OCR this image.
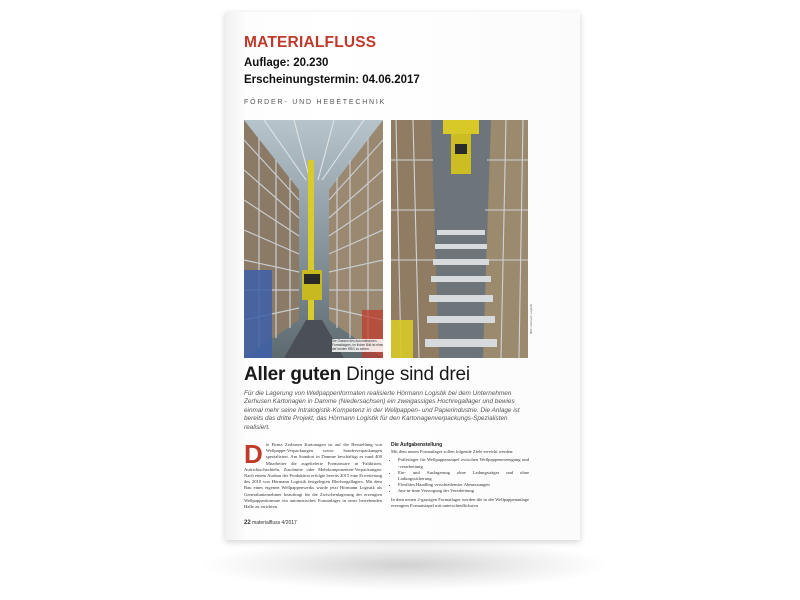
MATERIALFLUSS
Auflage: 20.230
Erscheinungstermin: 04.06.2017
FÖRDER- UND HEBETECHNIK
Die Gassen des Automatischen Formatlagers, im linken Bild ist einer der beiden RBG zu sehen.
Bild: Hörmann Logistik
Aller guten Dinge sind drei
Für die Lagerung von Wellpappenformaten realisierte Hörmann Logistik bei dem Unternehmen Zerhusen Kartonagen in Damme (Niedersachsen) ein zweigassiges Hochregallager und bewies einmal mehr seine Intralogistik-Kompetenz in der Wellpappen- und Papierindustrie. Die Anlage ist bereits das dritte Projekt, das Hörmann Logistik für den Kartonagenverpackungs-Spezialisten realisiert.
D ie Firma Zerhusen Kartonagen ist auf die Herstellung von Wellpappe-Verpackungen sowie Sonderverpackungen spezialisiert. Am Standort in Damme beschäftigt es rund 400 Mitarbeiter die zugelieferte Formatware in Faltkisten, Aufrichtschachteln, Zuschnitte oder Mehrkomponenten-Verpackungen. Nach einem Ausbau der Produktion erfolgte bereits 2015 eine Erweiterung des 2010 von Hörmann Logistik festgelegten Blechregallagers. Mit dem Bau eines eigenen Wellpappenwerks wurde jetzt Hörmann Logistik als Generalunternehmer beauftragt für die Zwischenlagerung der erzeugten Wellpappenformate ein automatisches Formatlager in einer bestehenden Halle zu errichten.
Die Aufgabenstellung

Mit dem neuen Formatlager sollen folgende Ziele erreicht werden:

• Pufferlager für Wellpappenstapel zwischen Wellpappenerzeugung und -verarbeitung
• Ein- und Auslagerung ohne Ladungsträger und ohne Ladungssicherung
• Flexibles Handling verschiedenster Abmessungen
• Just-in-time Versorgung der Verarbeitung

In dem neuen 2-gassigen Formatlager werden die in der Wellpappenanlage erzeugten Formatstapel mit unterschiedlichsten

22 materialfluss 4/2017
